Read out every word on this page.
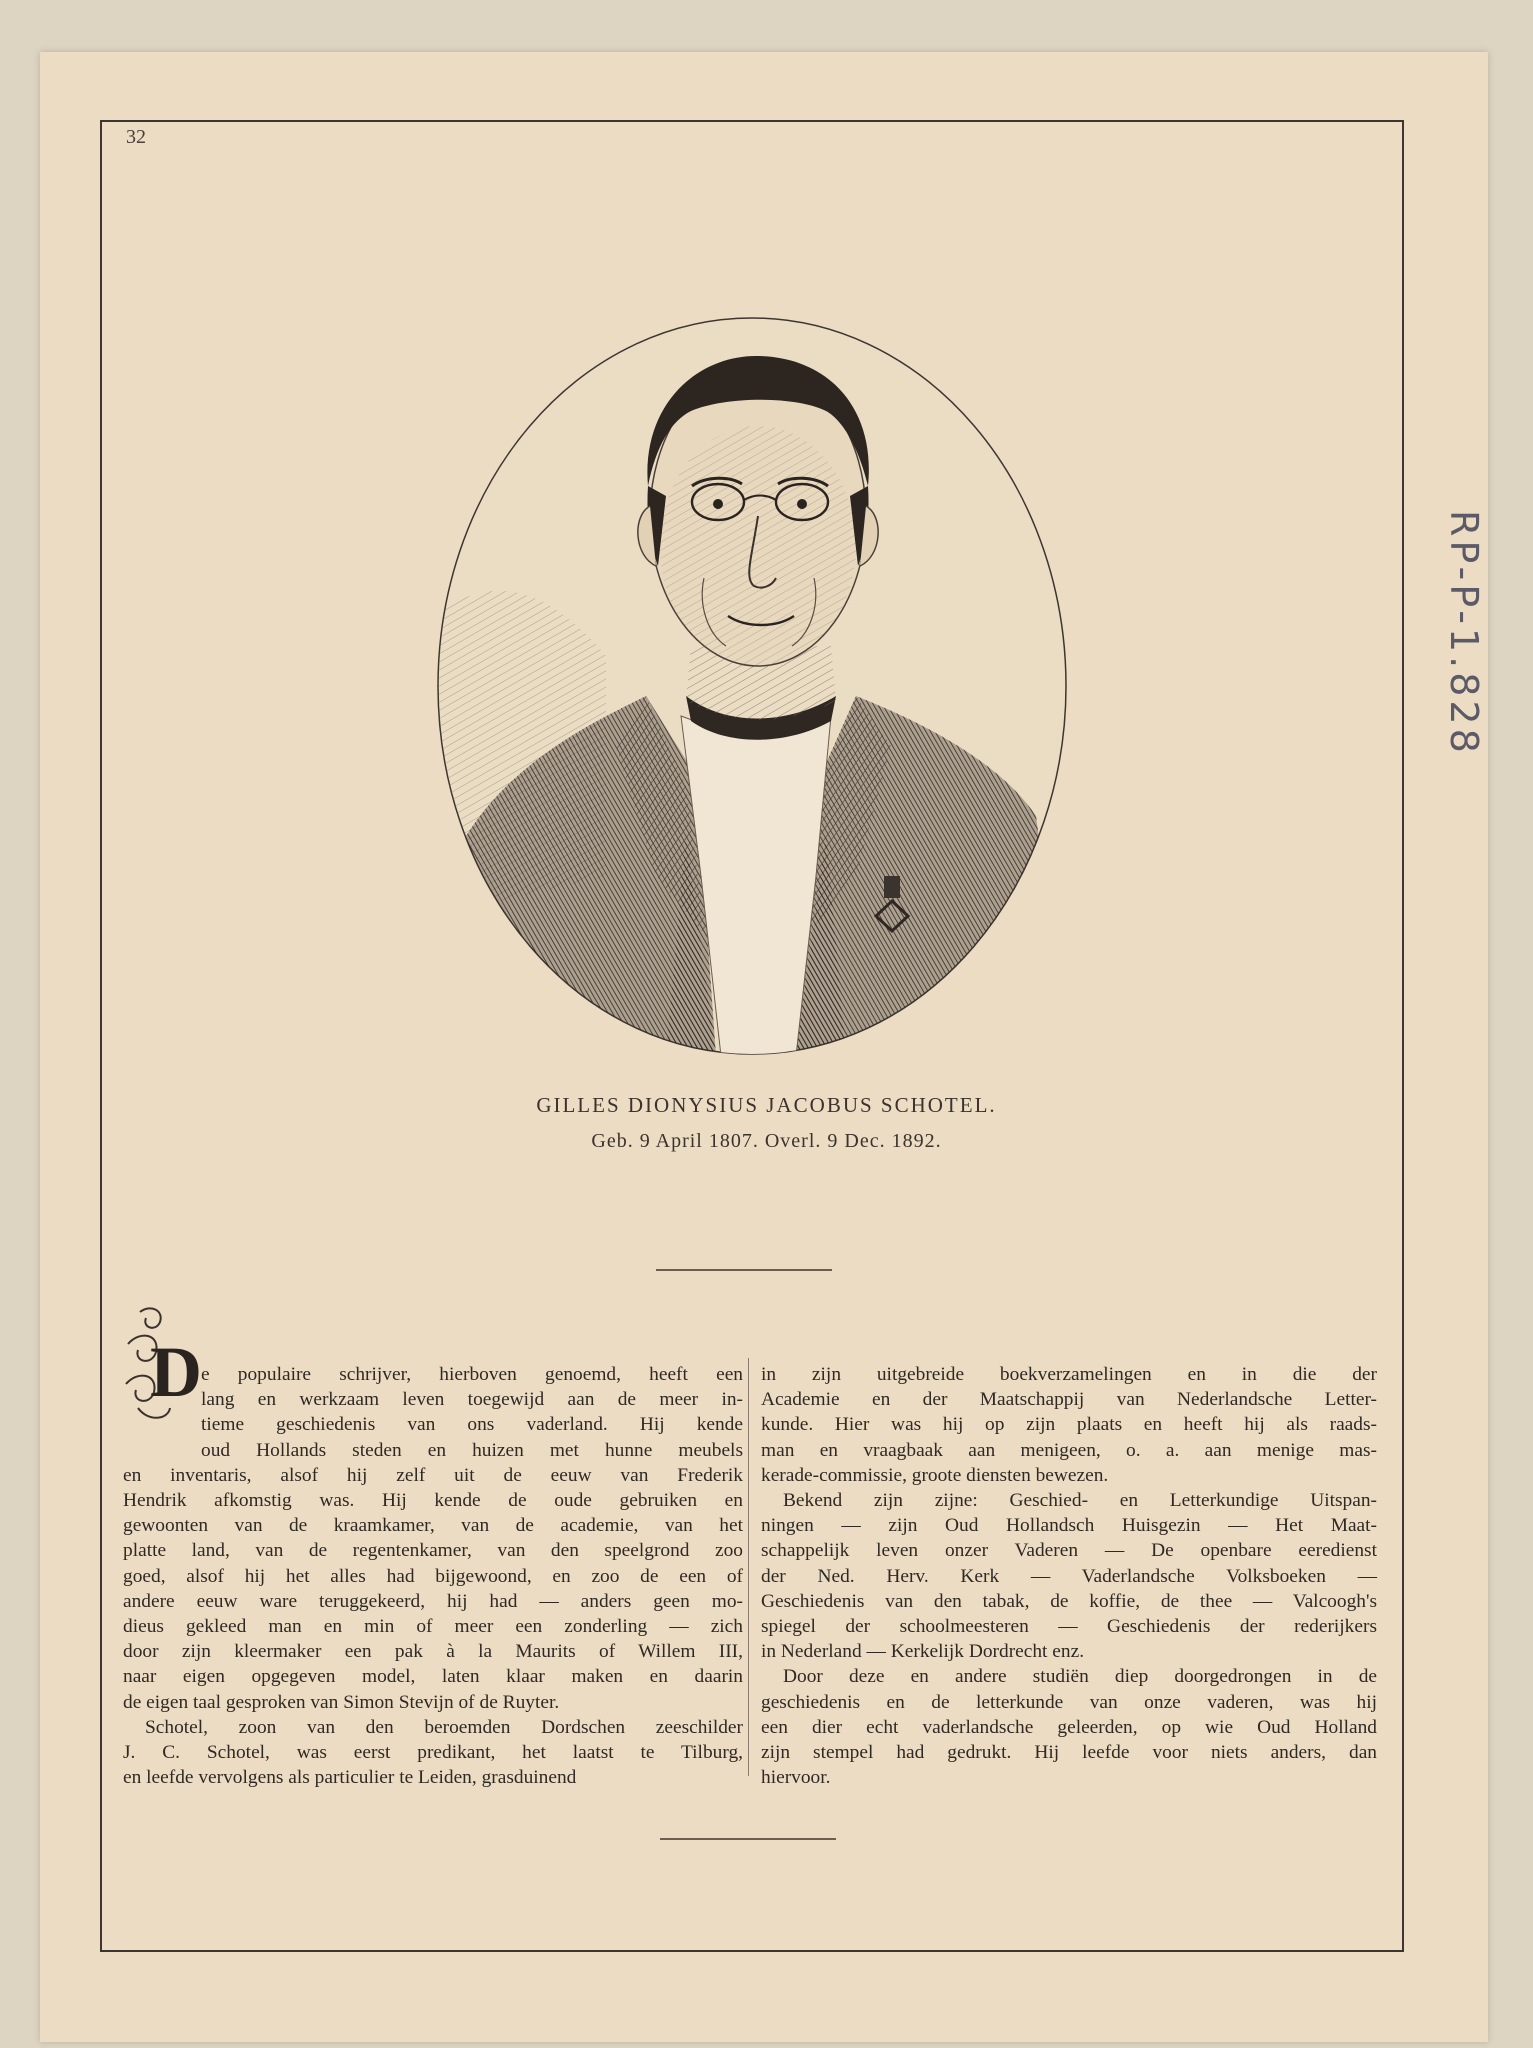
32
RP-P-1.828
GILLES DIONYSIUS JACOBUS SCHOTEL.
Geb. 9 April 1807. Overl. 9 Dec. 1892.
D e populaire schrijver, hierboven genoemd, heeft een
lang en werkzaam leven toegewijd aan de meer in-
tieme geschiedenis van ons vaderland. Hij kende
oud Hollands steden en huizen met hunne meubels
en inventaris, alsof hij zelf uit de eeuw van Frederik
Hendrik afkomstig was. Hij kende de oude gebruiken en
gewoonten van de kraamkamer, van de academie, van het
platte land, van de regentenkamer, van den speelgrond zoo
goed, alsof hij het alles had bijgewoond, en zoo de een of
andere eeuw ware teruggekeerd, hij had — anders geen mo-
dieus gekleed man en min of meer een zonderling — zich
door zijn kleermaker een pak à la Maurits of Willem III,
naar eigen opgegeven model, laten klaar maken en daarin
de eigen taal gesproken van Simon Stevijn of de Ruyter.
Schotel, zoon van den beroemden Dordschen zeeschilder
J. C. Schotel, was eerst predikant, het laatst te Tilburg,
en leefde vervolgens als particulier te Leiden, grasduinend
in zijn uitgebreide boekverzamelingen en in die der
Academie en der Maatschappij van Nederlandsche Letter-
kunde. Hier was hij op zijn plaats en heeft hij als raads-
man en vraagbaak aan menigeen, o. a. aan menige mas-
kerade-commissie, groote diensten bewezen.
Bekend zijn zijne: Geschied- en Letterkundige Uitspan-
ningen — zijn Oud Hollandsch Huisgezin — Het Maat-
schappelijk leven onzer Vaderen — De openbare eeredienst
der Ned. Herv. Kerk — Vaderlandsche Volksboeken —
Geschiedenis van den tabak, de koffie, de thee — Valcoogh's
spiegel der schoolmeesteren — Geschiedenis der rederijkers
in Nederland — Kerkelijk Dordrecht enz.
Door deze en andere studiën diep doorgedrongen in de
geschiedenis en de letterkunde van onze vaderen, was hij
een dier echt vaderlandsche geleerden, op wie Oud Holland
zijn stempel had gedrukt. Hij leefde voor niets anders, dan
hiervoor.
